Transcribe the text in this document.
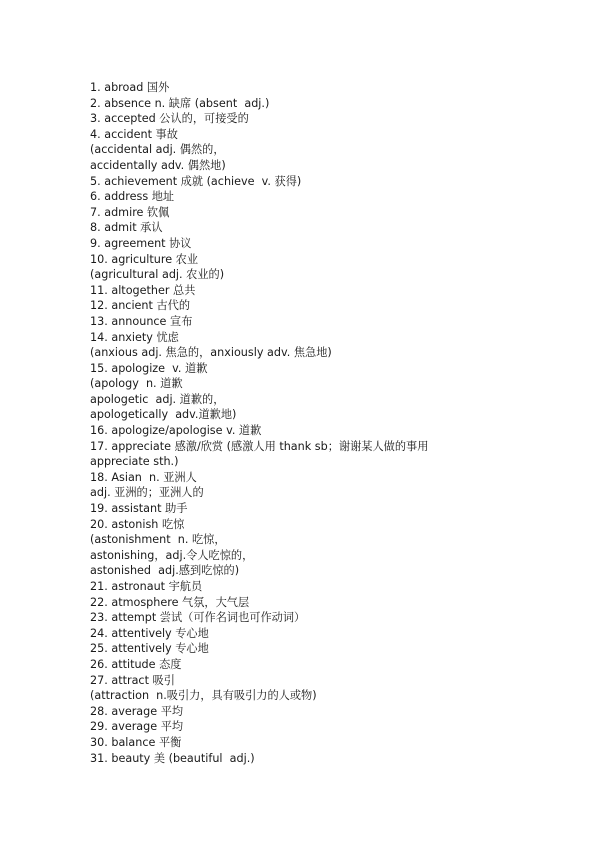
1. abroad 国外
2. absence n. 缺席 (absent  adj.)
3. accepted 公认的，可接受的
4. accident 事故
(accidental adj. 偶然的，
accidentally adv. 偶然地)
5. achievement 成就 (achieve  v. 获得)
6. address 地址
7. admire 钦佩
8. admit 承认
9. agreement 协议
10. agriculture 农业
(agricultural adj. 农业的)
11. altogether 总共
12. ancient 古代的
13. announce 宣布
14. anxiety 忧虑
(anxious adj. 焦急的，anxiously adv. 焦急地)
15. apologize  v. 道歉
(apology  n. 道歉
apologetic  adj. 道歉的，
apologetically  adv.道歉地)
16. apologize/apologise v. 道歉
17. appreciate 感激/欣赏 (感激人用 thank sb；谢谢某人做的事用
appreciate sth.)
18. Asian  n. 亚洲人
adj. 亚洲的；亚洲人的
19. assistant 助手
20. astonish 吃惊
(astonishment  n. 吃惊，
astonishing，adj.令人吃惊的，
astonished  adj.感到吃惊的)
21. astronaut 宇航员
22. atmosphere 气氛，大气层
23. attempt 尝试（可作名词也可作动词）
24. attentively 专心地
25. attentively 专心地
26. attitude 态度
27. attract 吸引
(attraction  n.吸引力，具有吸引力的人或物)
28. average 平均
29. average 平均
30. balance 平衡
31. beauty 美 (beautiful  adj.)
